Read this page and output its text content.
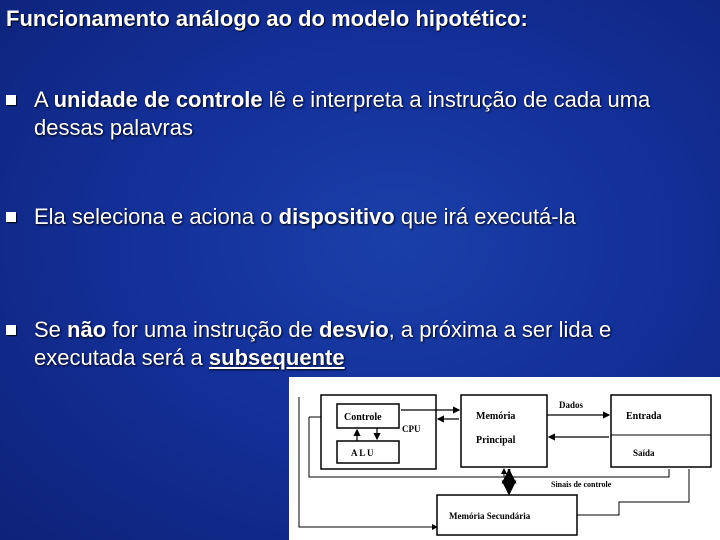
Funcionamento análogo ao do modelo hipotético:
A unidade de controle lê e interpreta a instrução de cada uma dessas palavras
Ela seleciona e aciona o dispositivo que irá executá-la
Se não for uma instrução de desvio, a próxima a ser lida e executada será a subsequente
Controle
CPU
A L U
Memória
Principal
Entrada
Saída
Dados
Sinais de controle
Memória Secundária
